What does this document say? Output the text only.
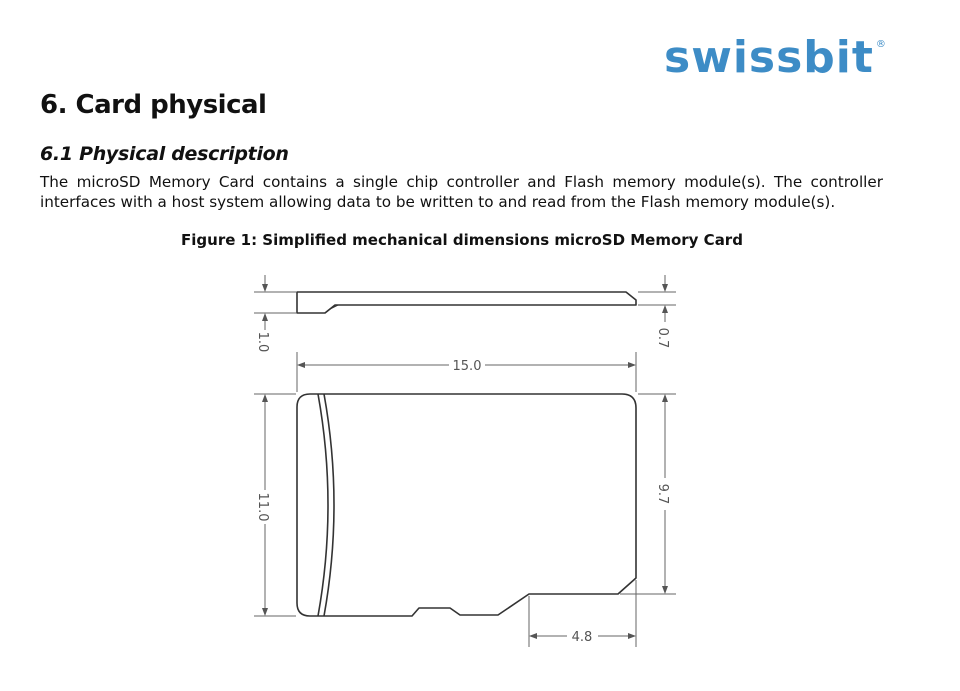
swissbit ®
6. Card physical
6.1 Physical description
The microSD Memory Card contains a single chip controller and Flash memory module(s). The controller interfaces with a host system allowing data to be written to and read from the Flash memory module(s).
Figure 1: Simplified mechanical dimensions microSD Memory Card
1.0	0.7
15.0
11.0	9.7
4.8
